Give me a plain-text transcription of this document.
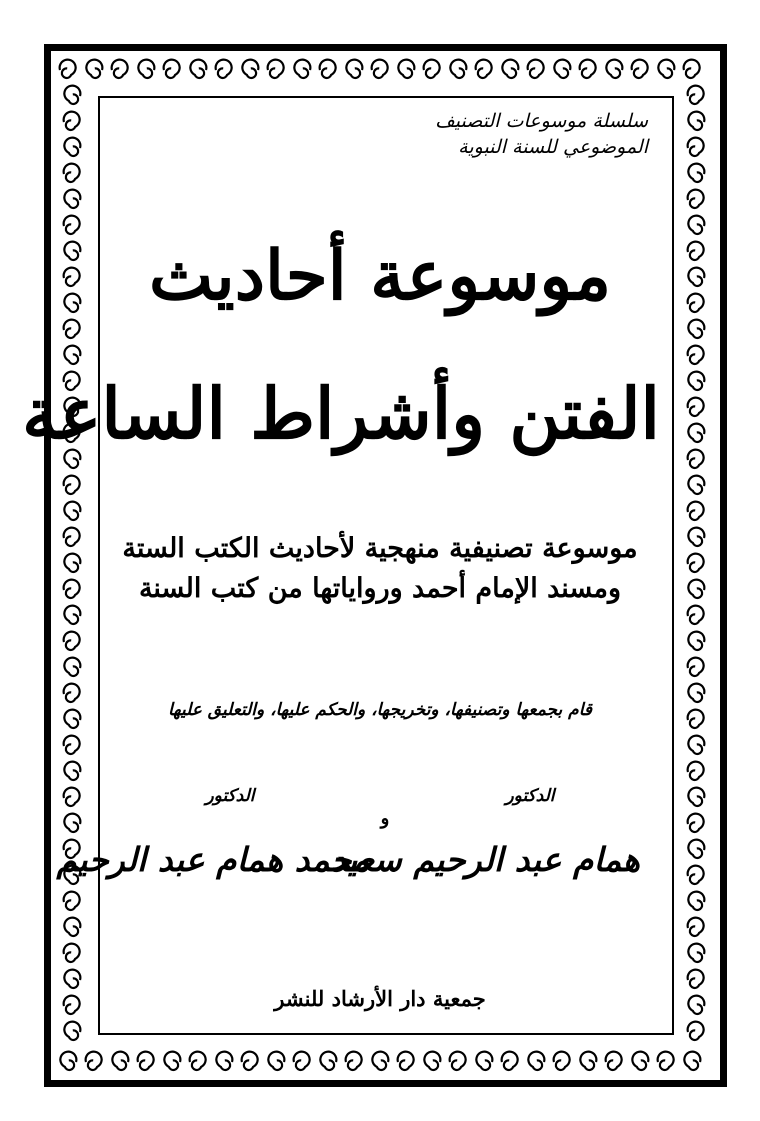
سلسلة موسوعات التصنيف
الموضوعي للسنة النبوية
موسوعة أحاديث
الفتن وأشراط الساعة
موسوعة تصنيفية منهجية لأحاديث الكتب الستة
ومسند الإمام أحمد ورواياتها من كتب السنة
قام بجمعها وتصنيفها، وتخريجها، والحكم عليها، والتعليق عليها
الدكتور
الدكتور
و
همام عبد الرحيم سعيد
محمد همام عبد الرحيم
جمعية دار الأرشاد للنشر
